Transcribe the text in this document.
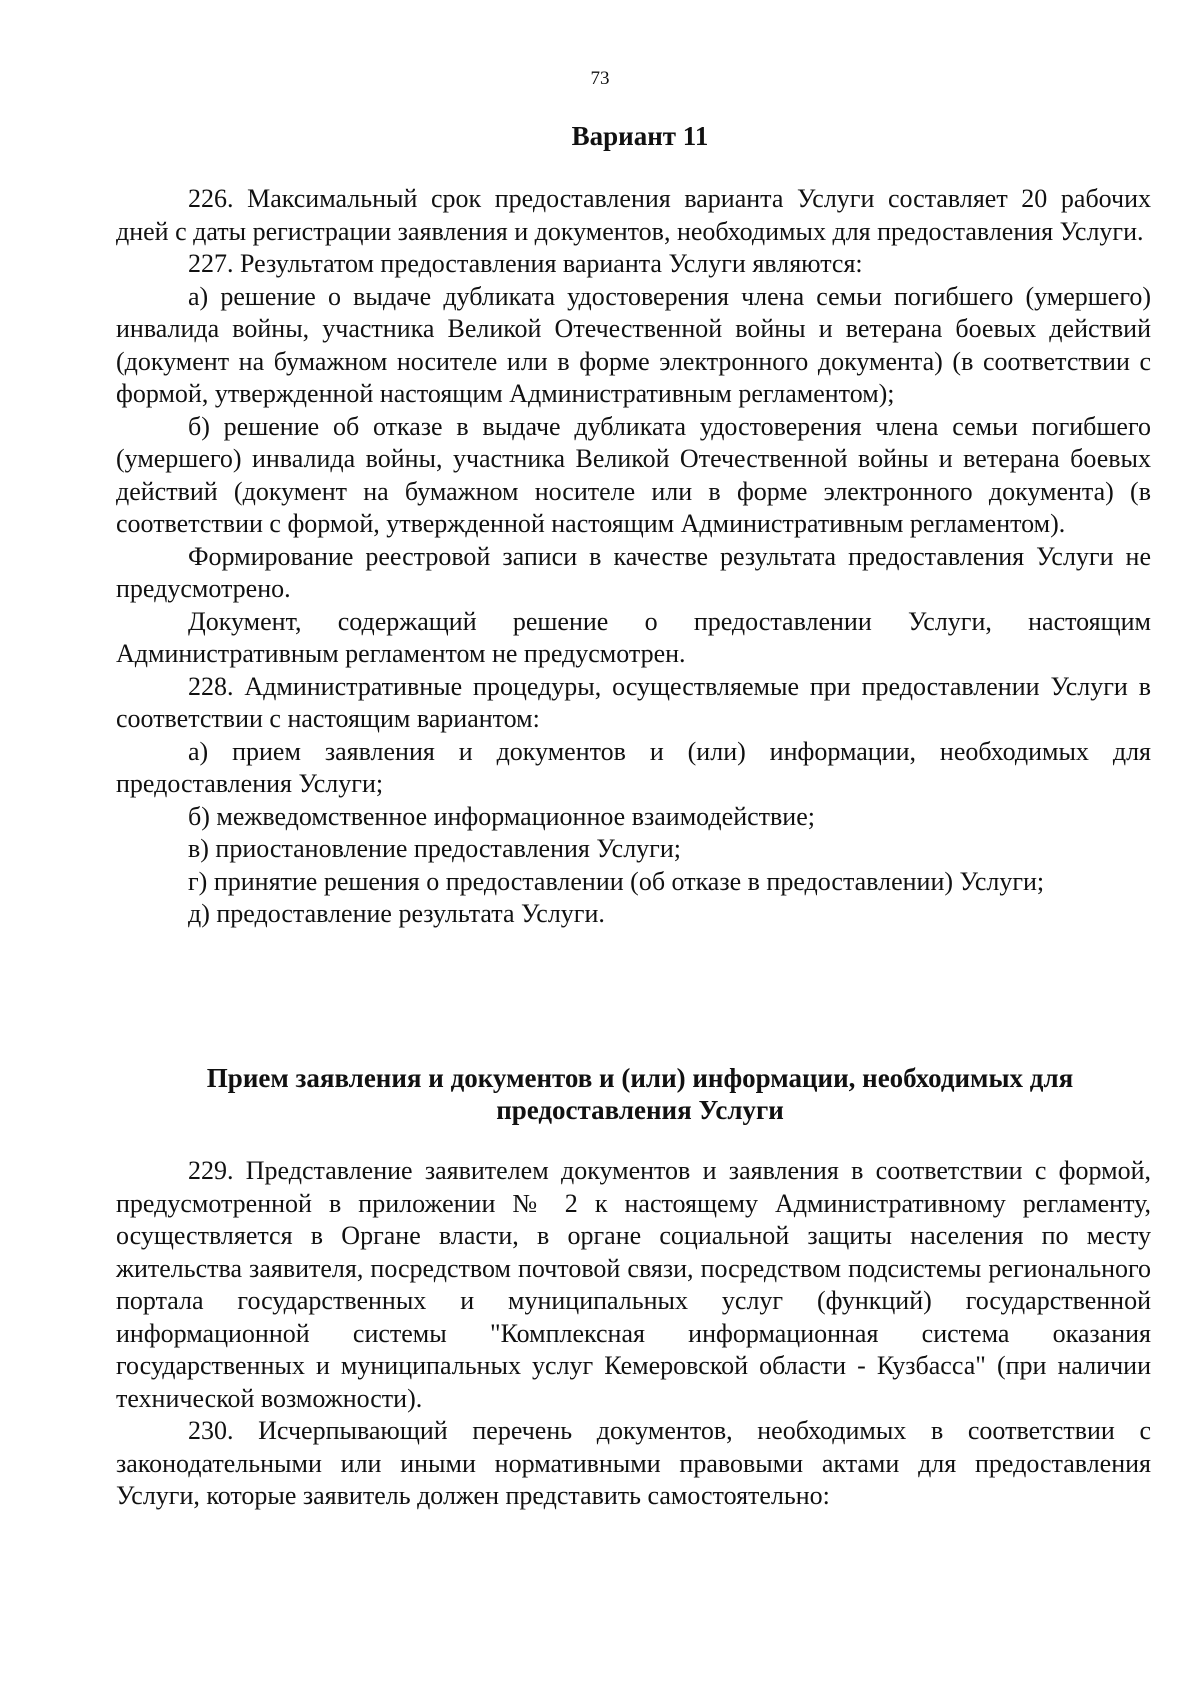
73
Вариант 11

226. Максимальный срок предоставления варианта Услуги составляет 20 рабочих дней с даты регистрации заявления и документов, необходимых для предоставления Услуги.

227. Результатом предоставления варианта Услуги являются:

а) решение о выдаче дубликата удостоверения члена семьи погибшего (умершего) инвалида войны, участника Великой Отечественной войны и ветерана боевых действий (документ на бумажном носителе или в форме электронного документа) (в соответствии с формой, утвержденной настоящим Административным регламентом);

б) решение об отказе в выдаче дубликата удостоверения члена семьи погибшего (умершего) инвалида войны, участника Великой Отечественной войны и ветерана боевых действий (документ на бумажном носителе или в форме электронного документа) (в соответствии с формой, утвержденной настоящим Административным регламентом).

Формирование реестровой записи в качестве результата предоставления Услуги не предусмотрено.

Документ, содержащий решение о предоставлении Услуги, настоящим Административным регламентом не предусмотрен.

228. Административные процедуры, осуществляемые при предоставлении Услуги в соответствии с настоящим вариантом:

а) прием заявления и документов и (или) информации, необходимых для предоставления Услуги;

б) межведомственное информационное взаимодействие;

в) приостановление предоставления Услуги;

г) принятие решения о предоставлении (об отказе в предоставлении) Услуги;

д) предоставление результата Услуги.

Прием заявления и документов и (или) информации, необходимых для предоставления Услуги

229. Представление заявителем документов и заявления в соответствии с формой, предусмотренной в приложении № 2 к настоящему Административному регламенту, осуществляется в Органе власти, в органе социальной защиты населения по месту жительства заявителя, посредством почтовой связи, посредством подсистемы регионального портала государственных и муниципальных услуг (функций) государственной информационной системы "Комплексная информационная система оказания государственных и муниципальных услуг Кемеровской области - Кузбасса" (при наличии технической возможности).

230. Исчерпывающий перечень документов, необходимых в соответствии с законодательными или иными нормативными правовыми актами для предоставления Услуги, которые заявитель должен представить самостоятельно:
